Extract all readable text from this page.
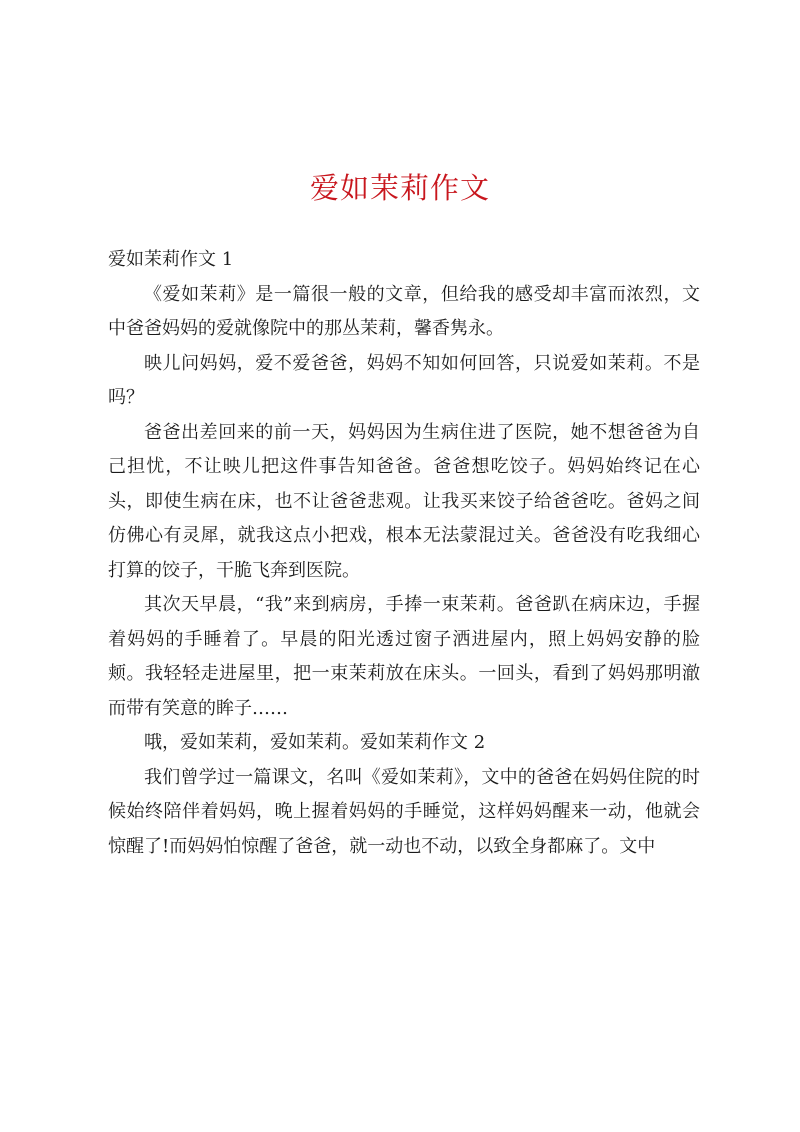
爱如茉莉作文

爱如茉莉作文 1

《爱如茉莉》是一篇很一般的文章，但给我的感受却丰富而浓烈，文中爸爸妈妈的爱就像院中的那丛茉莉，馨香隽永。

映儿问妈妈，爱不爱爸爸，妈妈不知如何回答，只说爱如茉莉。不是吗？

爸爸出差回来的前一天，妈妈因为生病住进了医院，她不想爸爸为自己担忧，不让映儿把这件事告知爸爸。爸爸想吃饺子。妈妈始终记在心头，即使生病在床，也不让爸爸悲观。让我买来饺子给爸爸吃。爸妈之间仿佛心有灵犀，就我这点小把戏，根本无法蒙混过关。爸爸没有吃我细心打算的饺子，干脆飞奔到医院。

其次天早晨，“我”来到病房，手捧一束茉莉。爸爸趴在病床边，手握着妈妈的手睡着了。早晨的阳光透过窗子洒进屋内，照上妈妈安静的脸颊。我轻轻走进屋里，把一束茉莉放在床头。一回头，看到了妈妈那明澈而带有笑意的眸子……

哦，爱如茉莉，爱如茉莉。爱如茉莉作文 2

我们曾学过一篇课文，名叫《爱如茉莉》，文中的爸爸在妈妈住院的时候始终陪伴着妈妈，晚上握着妈妈的手睡觉，这样妈妈醒来一动，他就会惊醒了!而妈妈怕惊醒了爸爸，就一动也不动，以致全身都麻了。文中
